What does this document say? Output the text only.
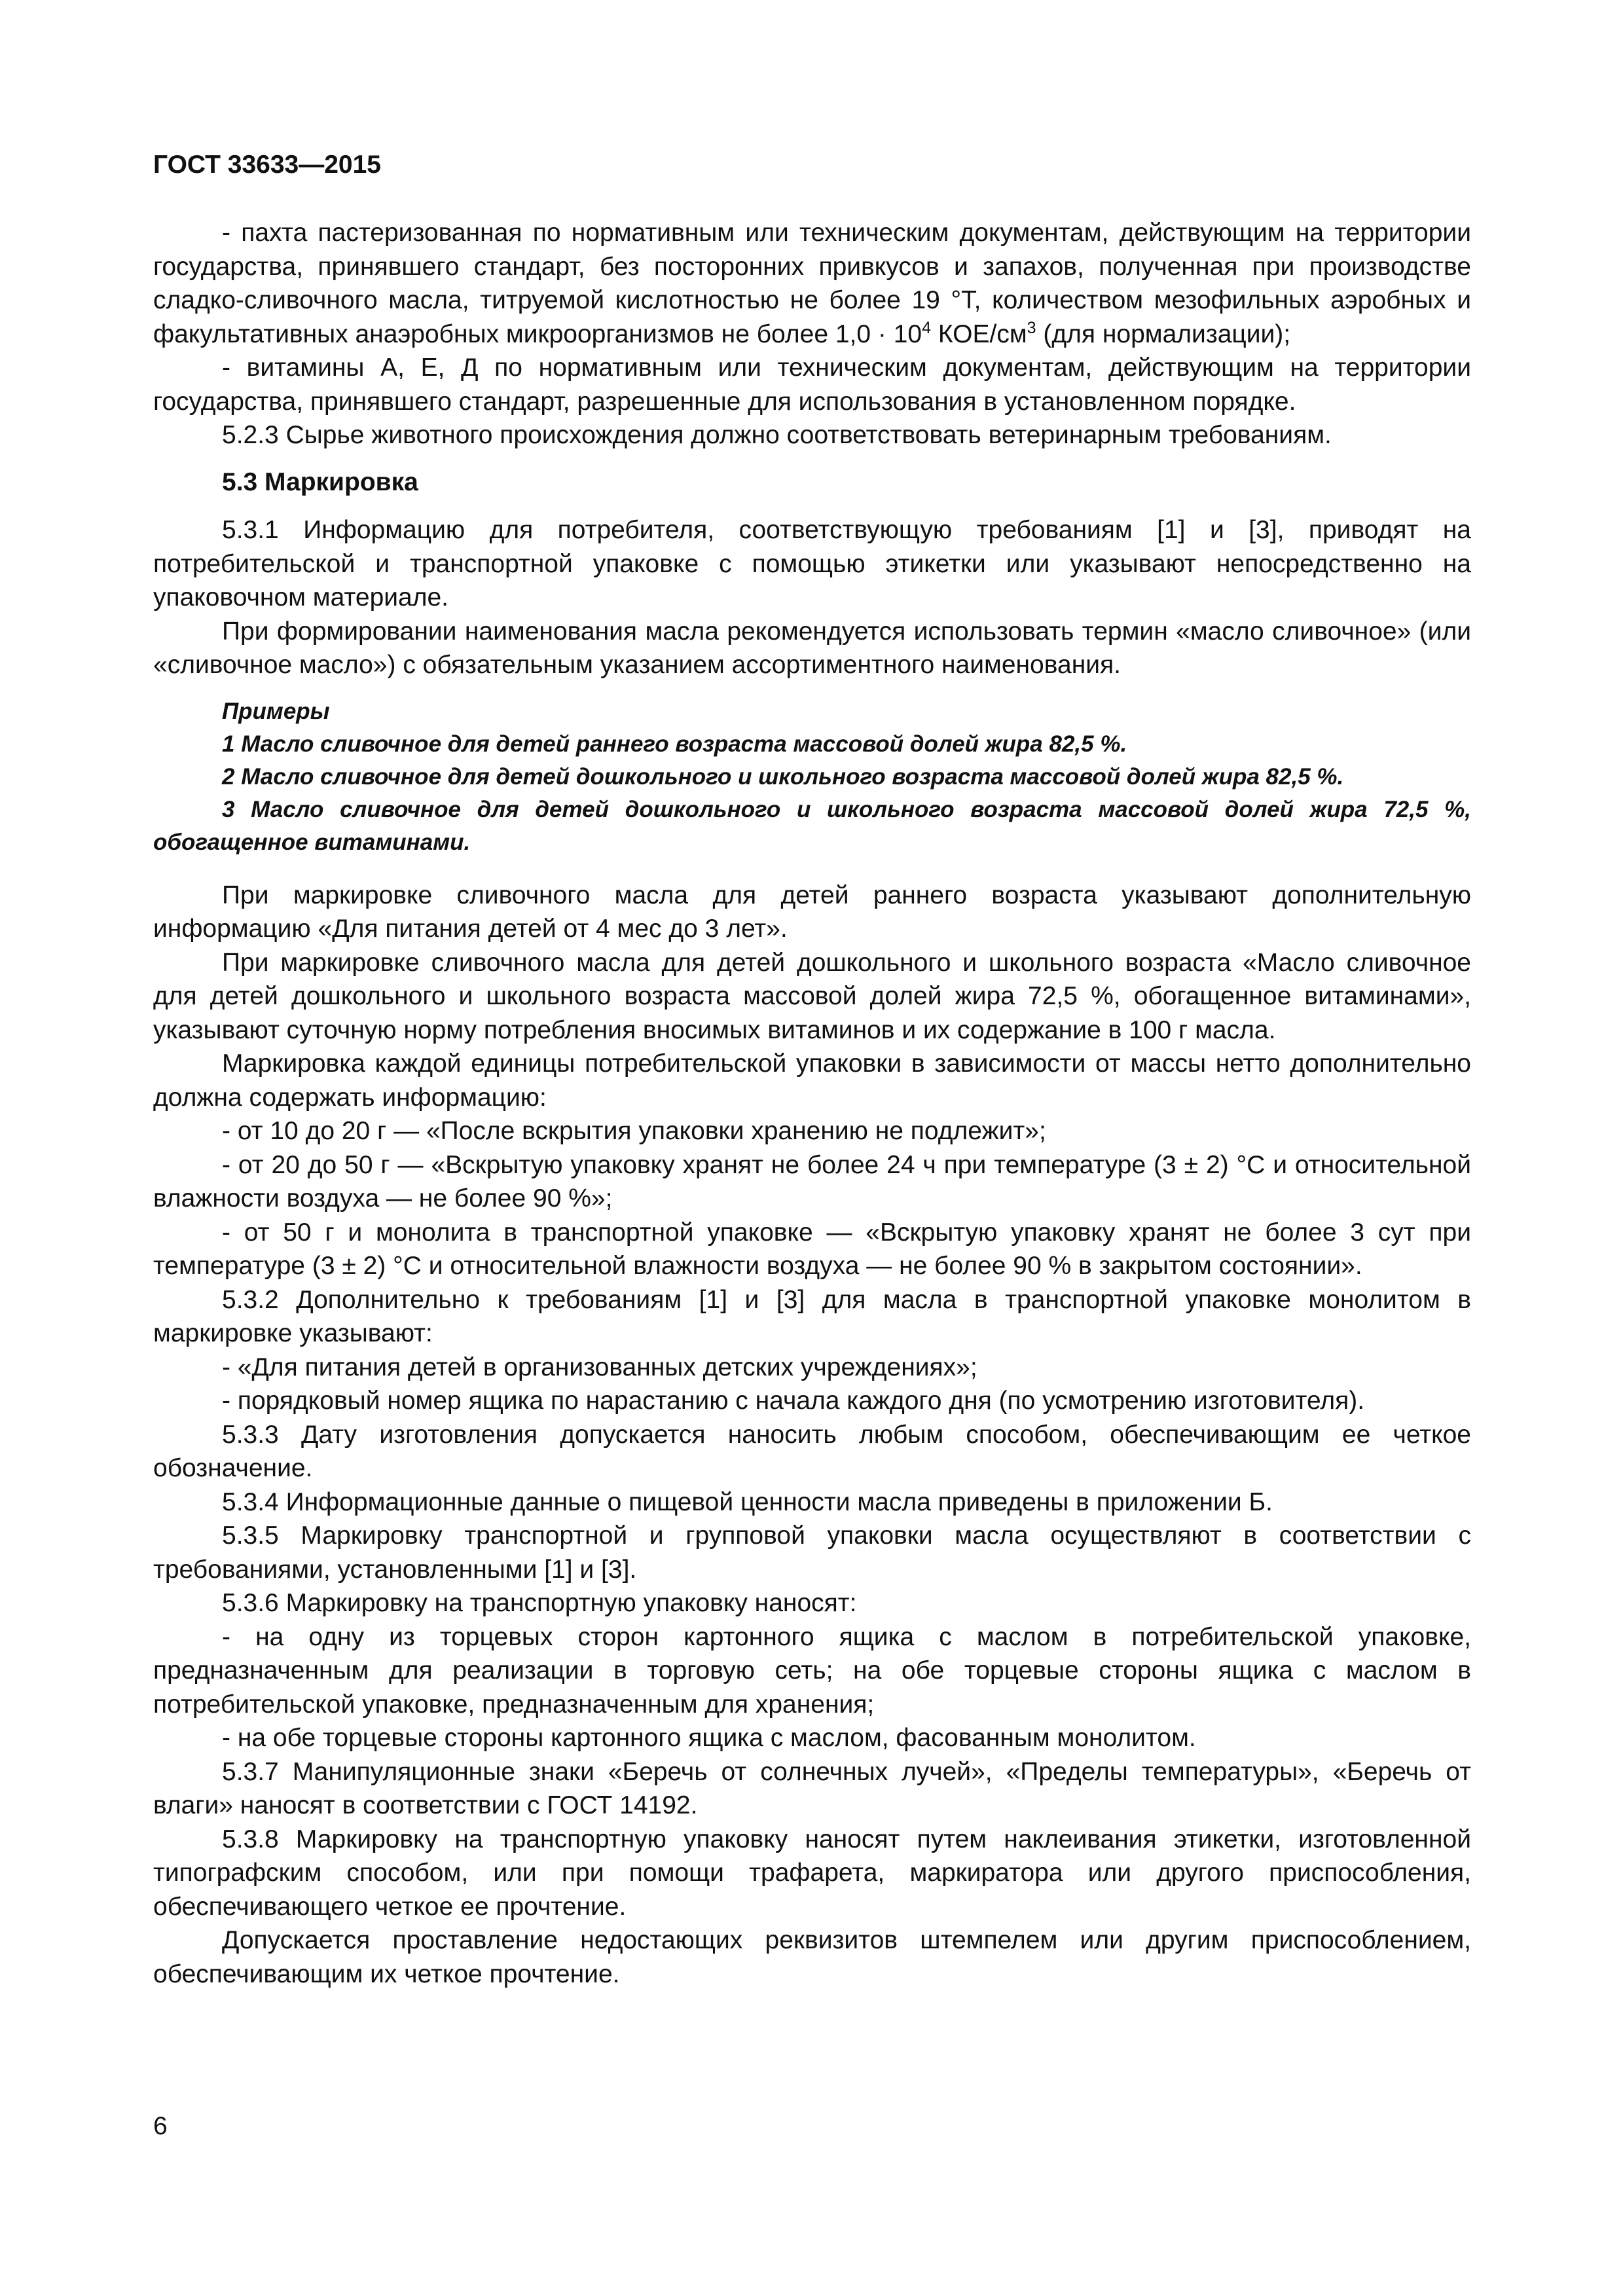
ГОСТ 33633—2015

- пахта пастеризованная по нормативным или техническим документам, действующим на территории государства, принявшего стандарт, без посторонних привкусов и запахов, полученная при производстве сладко-сливочного масла, титруемой кислотностью не более 19 °Т, количеством мезофильных аэробных и факультативных анаэробных микроорганизмов не более $1,0 \cdot 10^4$ КОЕ/$см^3$ (для нормализации);

- витамины А, Е, Д по нормативным или техническим документам, действующим на территории государства, принявшего стандарт, разрешенные для использования в установленном порядке.

5.2.3 Сырье животного происхождения должно соответствовать ветеринарным требованиям.

5.3 Маркировка

5.3.1 Информацию для потребителя, соответствующую требованиям [1] и [3], приводят на потребительской и транспортной упаковке с помощью этикетки или указывают непосредственно на упаковочном материале.

При формировании наименования масла рекомендуется использовать термин «масло сливочное» (или «сливочное масло») с обязательным указанием ассортиментного наименования.

Примеры

1 Масло сливочное для детей раннего возраста массовой долей жира 82,5 %.

2 Масло сливочное для детей дошкольного и школьного возраста массовой долей жира 82,5 %.

3 Масло сливочное для детей дошкольного и школьного возраста массовой долей жира 72,5 %, обогащенное витаминами.

При маркировке сливочного масла для детей раннего возраста указывают дополнительную информацию «Для питания детей от 4 мес до 3 лет».

При маркировке сливочного масла для детей дошкольного и школьного возраста «Масло сливочное для детей дошкольного и школьного возраста массовой долей жира 72,5 %, обогащенное витаминами», указывают суточную норму потребления вносимых витаминов и их содержание в 100 г масла.

Маркировка каждой единицы потребительской упаковки в зависимости от массы нетто дополнительно должна содержать информацию:

- от 10 до 20 г — «После вскрытия упаковки хранению не подлежит»;

- от 20 до 50 г — «Вскрытую упаковку хранят не более 24 ч при температуре (3 ± 2) °С и относительной влажности воздуха — не более 90 %»;

- от 50 г и монолита в транспортной упаковке — «Вскрытую упаковку хранят не более 3 сут при температуре (3 ± 2) °С и относительной влажности воздуха — не более 90 % в закрытом состоянии».

5.3.2 Дополнительно к требованиям [1] и [3] для масла в транспортной упаковке монолитом в маркировке указывают:

- «Для питания детей в организованных детских учреждениях»;

- порядковый номер ящика по нарастанию с начала каждого дня (по усмотрению изготовителя).

5.3.3 Дату изготовления допускается наносить любым способом, обеспечивающим ее четкое обозначение.

5.3.4 Информационные данные о пищевой ценности масла приведены в приложении Б.

5.3.5 Маркировку транспортной и групповой упаковки масла осуществляют в соответствии с требованиями, установленными [1] и [3].

5.3.6 Маркировку на транспортную упаковку наносят:

- на одну из торцевых сторон картонного ящика с маслом в потребительской упаковке, предназначенным для реализации в торговую сеть; на обе торцевые стороны ящика с маслом в потребительской упаковке, предназначенным для хранения;

- на обе торцевые стороны картонного ящика с маслом, фасованным монолитом.

5.3.7 Манипуляционные знаки «Беречь от солнечных лучей», «Пределы температуры», «Беречь от влаги» наносят в соответствии с ГОСТ 14192.

5.3.8 Маркировку на транспортную упаковку наносят путем наклеивания этикетки, изготовленной типографским способом, или при помощи трафарета, маркиратора или другого приспособления, обеспечивающего четкое ее прочтение.

Допускается проставление недостающих реквизитов штемпелем или другим приспособлением, обеспечивающим их четкое прочтение.

6
